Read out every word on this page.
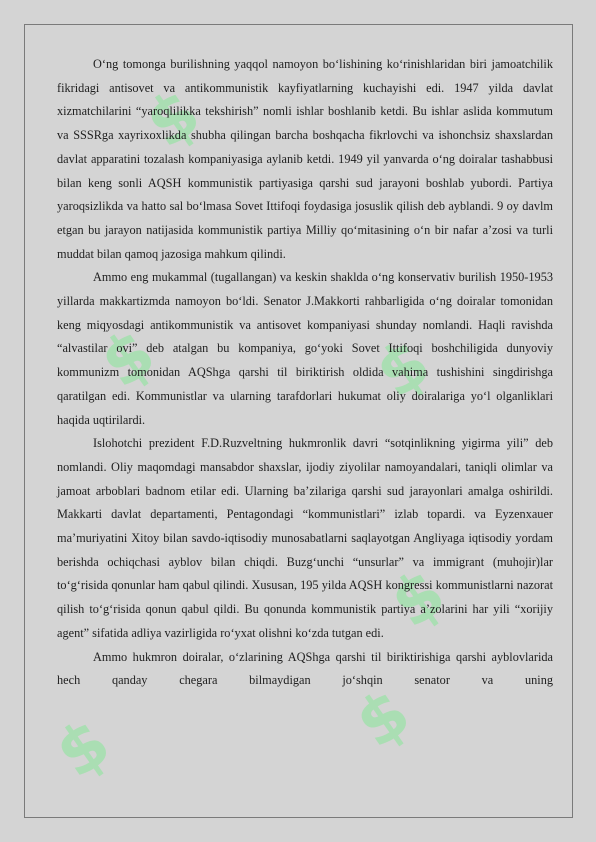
$
$	$
$
$	$

O‘ng tomonga burilishning yaqqol namoyon bo‘lishining ko‘rinishlaridan biri jamoatchilik fikridagi antisovet va antikommunistik kayfiyatlarning kuchayishi edi. 1947 yilda davlat xizmatchilarini “yaroqlilikka tekshirish” nomli ishlar boshlanib ketdi. Bu ishlar aslida kommutum va SSSRga xayrixoxlikda shubha qilingan barcha boshqacha fikrlovchi va ishonchsiz shaxslardan davlat apparatini tozalash kompaniyasiga aylanib ketdi. 1949 yil yanvarda o‘ng doiralar tashabbusi bilan keng sonli AQSH kommunistik partiyasiga qarshi sud jarayoni boshlab yubordi. Partiya yaroqsizlikda va hatto sal bo‘lmasa Sovet Ittifoqi foydasiga josuslik qilish deb ayblandi. 9 oy davlm etgan bu jarayon natijasida kommunistik partiya Milliy qo‘mitasining o‘n bir nafar a’zosi va turli muddat bilan qamoq jazosiga mahkum qilindi.

Ammo eng mukammal (tugallangan) va keskin shaklda o‘ng konservativ burilish 1950-1953 yillarda makkartizmda namoyon bo‘ldi. Senator J.Makkorti rahbarligida o‘ng doiralar tomonidan keng miqyosdagi antikommunistik va antisovet kompaniyasi shunday nomlandi. Haqli ravishda “alvastilar ovi” deb atalgan bu kompaniya, go‘yoki Sovet Ittifoqi boshchiligida dunyoviy kommunizm tomonidan AQShga qarshi til biriktirish oldida vahima tushishini singdirishga qaratilgan edi. Kommunistlar va ularning tarafdorlari hukumat oliy doiralariga yo‘l olganliklari haqida uqtirilardi.

Islohotchi prezident F.D.Ruzveltning hukmronlik davri “sotqinlikning yigirma yili” deb nomlandi. Oliy maqomdagi mansabdor shaxslar, ijodiy ziyolilar namoyandalari, taniqli olimlar va jamoat arboblari badnom etilar edi. Ularning ba’zilariga qarshi sud jarayonlari amalga oshirildi. Makkarti davlat departamenti, Pentagondagi “kommunistlari” izlab topardi. va Eyzenxauer ma’muriyatini Xitoy bilan savdo-iqtisodiy munosabatlarni saqlayotgan Angliyaga iqtisodiy yordam berishda ochiqchasi ayblov bilan chiqdi. Buzg‘unchi “unsurlar” va immigrant (muhojir)lar to‘g‘risida qonunlar ham qabul qilindi. Xususan, 195 yilda AQSH kongressi kommunistlarni nazorat qilish to‘g‘risida qonun qabul qildi. Bu qonunda kommunistik partiya a’zolarini har yili “xorijiy agent” sifatida adliya vazirligida ro‘yxat olishni ko‘zda tutgan edi.

Ammo hukmron doiralar, o‘zlarining AQShga qarshi til biriktirishiga qarshi ayblovlarida hech qanday chegara bilmaydigan jo‘shqin senator va uning
